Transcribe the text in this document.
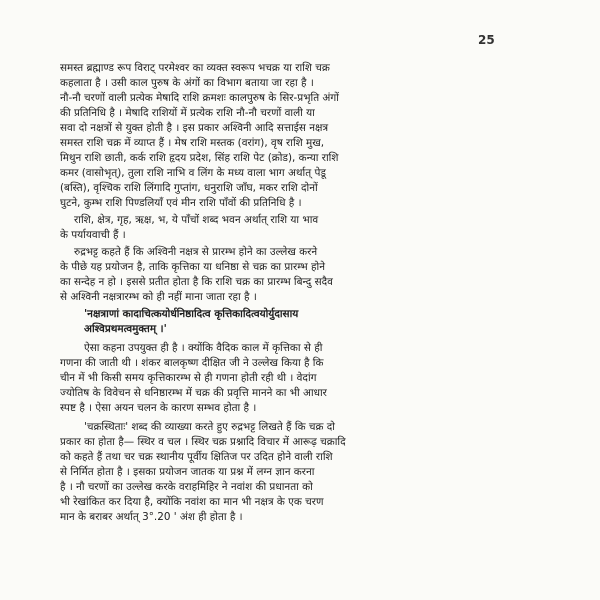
25
समस्त ब्रह्माण्ड रूप विराट् परमेश्वर का व्यक्त स्वरूप भचक्र या राशि चक्र
कहलाता है । उसी काल पुरुष के अंगों का विभाग बताया जा रहा है ।
नौ-नौ चरणों वाली प्रत्येक मेषादि राशि क्रमशः कालपुरुष के सिर-प्रभृति अंगों
की प्रतिनिधि है । मेषादि राशियों में प्रत्येक राशि नौ-नौ चरणों वाली या
सवा दो नक्षत्रों से युक्त होती है । इस प्रकार अश्विनी आदि सत्ताईस नक्षत्र
समस्त राशि चक्र में व्याप्त हैं । मेष राशि मस्तक (वरांग), वृष राशि मुख,
मिथुन राशि छाती, कर्क राशि हृदय प्रदेश, सिंह राशि पेट (क्रोड), कन्या राशि
कमर (वासोभृत्), तुला राशि नाभि व लिंग के मध्य वाला भाग अर्थात् पेडू
(बस्ति), वृश्चिक राशि लिंगादि गुप्तांग, धनुराशि जाँघ, मकर राशि दोनों
घुटने, कुम्भ राशि पिण्डलियाँ एवं मीन राशि पाँवों की प्रतिनिधि है ।
राशि, क्षेत्र, गृह, ऋक्ष, भ, ये पाँचों शब्द भवन अर्थात् राशि या भाव
के पर्यायवाची हैं ।
रुद्रभट्ट कहते हैं कि अश्विनी नक्षत्र से प्रारम्भ होने का उल्लेख करने
के पीछे यह प्रयोजन है, ताकि कृत्तिका या धनिष्ठा से चक्र का प्रारम्भ होने
का सन्देह न हो । इससे प्रतीत होता है कि राशि चक्र का प्रारम्भ बिन्दु सदैव
से अश्विनी नक्षत्रारम्भ को ही नहीं माना जाता रहा है ।
'नक्षत्राणां कादाचित्कयोर्धनिष्ठादित्व कृत्तिकादित्वयोर्युदासाय
अश्विप्रथमत्वमुक्तम् ।'
ऐसा कहना उपयुक्त ही है । क्योंकि वैदिक काल में कृत्तिका से ही
गणना की जाती थी । शंकर बालकृष्ण दीक्षित जी ने उल्लेख किया है कि
चीन में भी किसी समय कृत्तिकारम्भ से ही गणना होती रही थी । वेदांग
ज्योतिष के विवेचन से धनिष्ठारम्भ में चक्र की प्रवृत्ति मानने का भी आधार
स्पष्ट है । ऐसा अयन चलन के कारण सम्भव होता है ।
'चक्रस्थिताः' शब्द की व्याख्या करते हुए रुद्रभट्ट लिखते हैं कि चक्र दो
प्रकार का होता है— स्थिर व चल । स्थिर चक्र प्रश्नादि विचार में आरूढ़ चक्रादि
को कहते हैं तथा चर चक्र स्थानीय पूर्वीय क्षितिज पर उदित होने वाली राशि
से निर्मित होता है । इसका प्रयोजन जातक या प्रश्न में लग्न ज्ञान करना
है । नौ चरणों का उल्लेख करके वराहमिहिर ने नवांश की प्रधानता को
भी रेखांकित कर दिया है, क्योंकि नवांश का मान भी नक्षत्र के एक चरण
मान के बराबर अर्थात् 3°.20 ' अंश ही होता है ।
